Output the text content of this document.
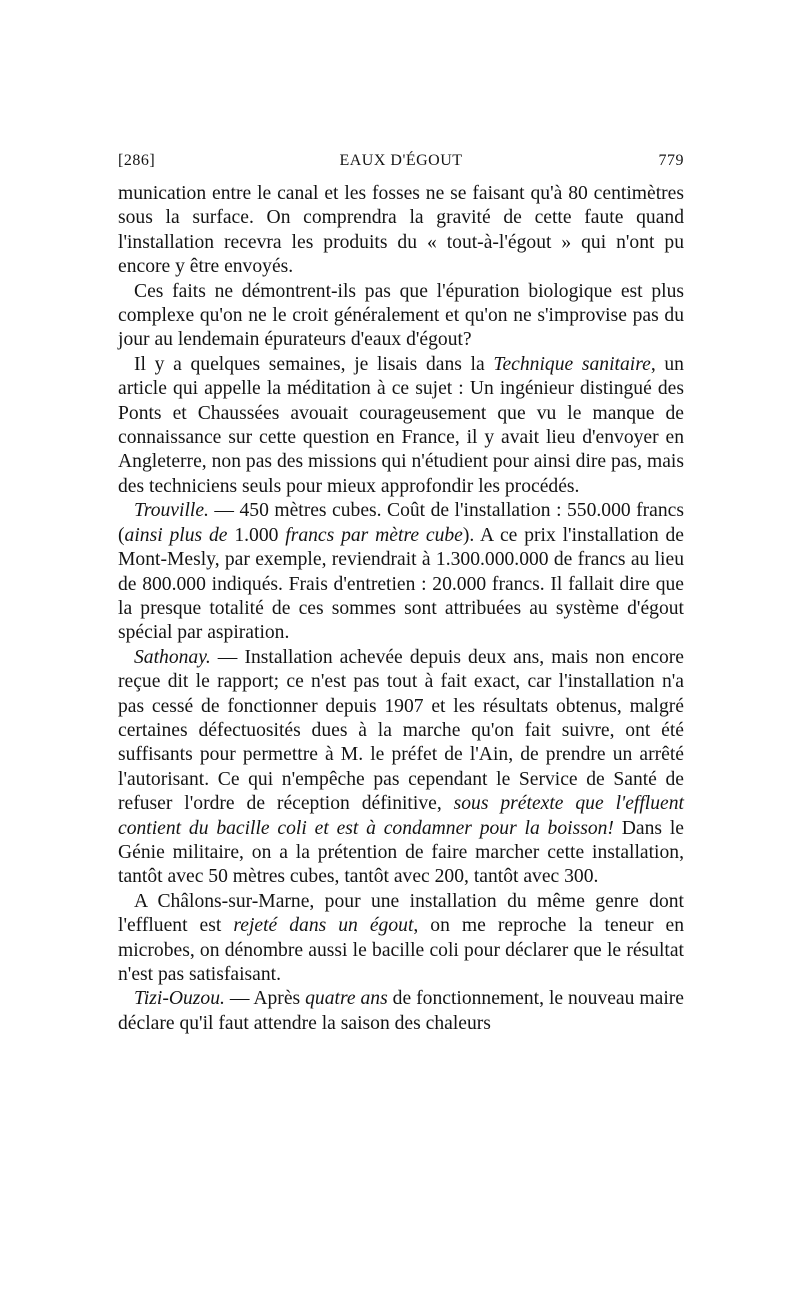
[286]	EAUX D'ÉGOUT	779

munication entre le canal et les fosses ne se faisant qu'à 80 centimètres sous la surface. On comprendra la gravité de cette faute quand l'installation recevra les produits du « tout-à-l'égout » qui n'ont pu encore y être envoyés.

Ces faits ne démontrent-ils pas que l'épuration biologique est plus complexe qu'on ne le croit généralement et qu'on ne s'improvise pas du jour au lendemain épurateurs d'eaux d'égout?

Il y a quelques semaines, je lisais dans la Technique sanitaire, un article qui appelle la méditation à ce sujet : Un ingénieur distingué des Ponts et Chaussées avouait courageusement que vu le manque de connaissance sur cette question en France, il y avait lieu d'envoyer en Angleterre, non pas des missions qui n'étudient pour ainsi dire pas, mais des techniciens seuls pour mieux approfondir les procédés.

Trouville. — 450 mètres cubes. Coût de l'installation : 550.000 francs (ainsi plus de 1.000 francs par mètre cube). A ce prix l'installation de Mont-Mesly, par exemple, reviendrait à 1.300.000.000 de francs au lieu de 800.000 indiqués. Frais d'entretien : 20.000 francs. Il fallait dire que la presque totalité de ces sommes sont attribuées au système d'égout spécial par aspiration.

Sathonay. — Installation achevée depuis deux ans, mais non encore reçue dit le rapport; ce n'est pas tout à fait exact, car l'installation n'a pas cessé de fonctionner depuis 1907 et les résultats obtenus, malgré certaines défectuosités dues à la marche qu'on fait suivre, ont été suffisants pour permettre à M. le préfet de l'Ain, de prendre un arrêté l'autorisant. Ce qui n'empêche pas cependant le Service de Santé de refuser l'ordre de réception définitive, sous prétexte que l'effluent contient du bacille coli et est à condamner pour la boisson! Dans le Génie militaire, on a la prétention de faire marcher cette installation, tantôt avec 50 mètres cubes, tantôt avec 200, tantôt avec 300.

A Châlons-sur-Marne, pour une installation du même genre dont l'effluent est rejeté dans un égout, on me reproche la teneur en microbes, on dénombre aussi le bacille coli pour déclarer que le résultat n'est pas satisfaisant.

Tizi-Ouzou. — Après quatre ans de fonctionnement, le nouveau maire déclare qu'il faut attendre la saison des chaleurs
